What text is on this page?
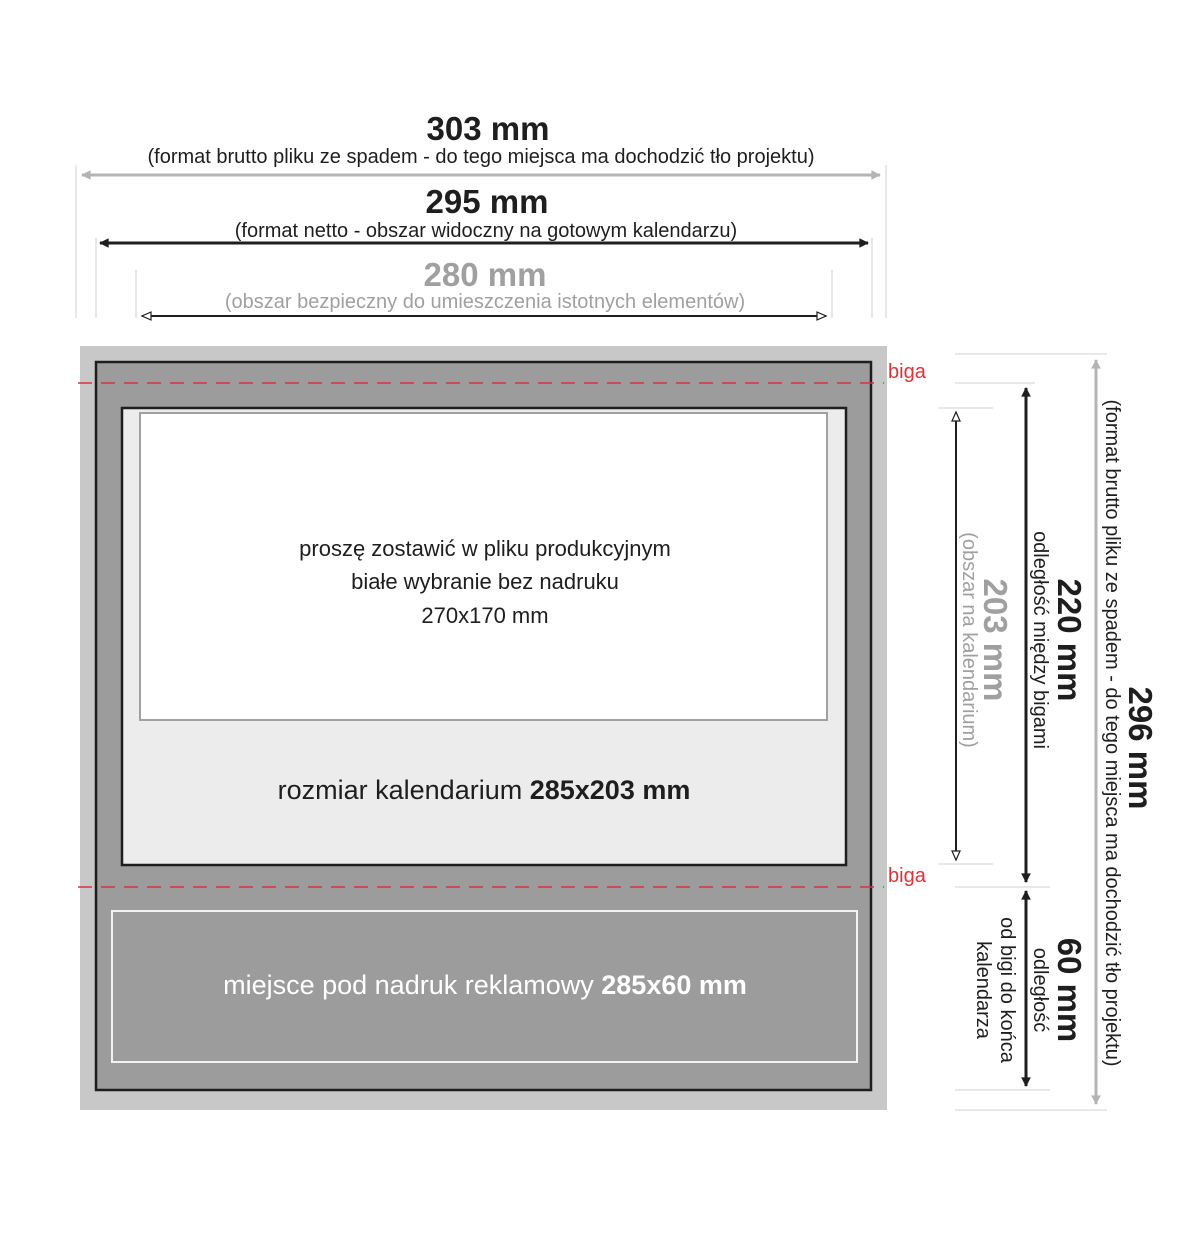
303 mm
(format brutto pliku ze spadem - do tego miejsca ma dochodzić tło projektu)
295 mm
(format netto - obszar widoczny na gotowym kalendarzu)
280 mm
(obszar bezpieczny do umieszczenia istotnych elementów)
biga
proszę zostawić w pliku produkcyjnym
białe wybranie bez nadruku
270x170 mm
rozmiar kalendarium 285x203 mm
biga
miejsce pod nadruk reklamowy 285x60 mm
203 mm
(obszar na kalendarium) 220 mm
odległość między bigami
60 mm
odległość
od bigi do końca
kalendarza
296 mm
(format brutto pliku ze spadem - do tego miejsca ma dochodzić tło projektu)
